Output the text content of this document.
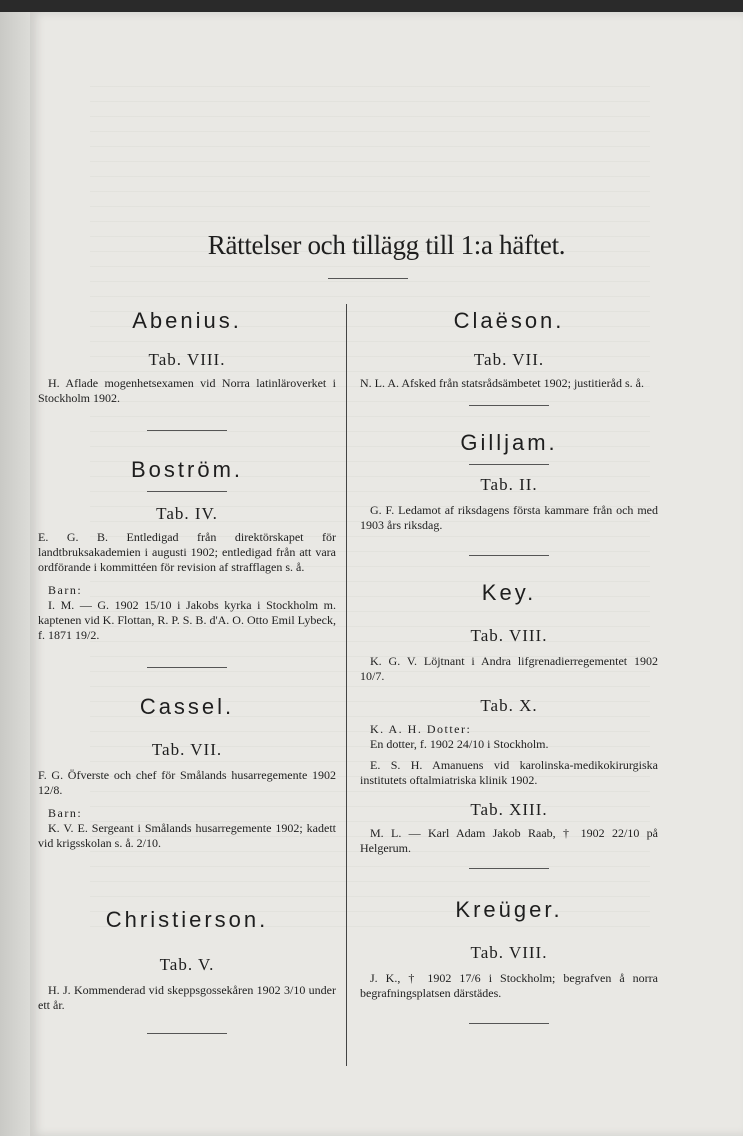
Rättelser och tillägg till 1:a häftet.

Abenius.

Tab. VIII.

H. Aflade mogenhetsexamen vid Norra latinläroverket i Stockholm 1902.

Boström.

Tab. IV.

E. G. B. Entledigad från direktörskapet för landtbruksakademien i augusti 1902; entledigad från att vara ordförande i kommittéen för revision af strafflagen s. å.

Barn:

I. M. — G. 1902 15/10 i Jakobs kyrka i Stockholm m. kaptenen vid K. Flottan, R. P. S. B. d'A. O. Otto Emil Lybeck, f. 1871 19/2.

Cassel.

Tab. VII.

F. G. Öfverste och chef för Smålands husarregemente 1902 12/8.

Barn:

K. V. E. Sergeant i Smålands husarregemente 1902; kadett vid krigsskolan s. å. 2/10.

Christierson.

Tab. V.

H. J. Kommenderad vid skeppsgossekåren 1902 3/10 under ett år.

Claëson.

Tab. VII.

N. L. A. Afsked från statsrådsämbetet 1902; justitieråd s. å.

Gilljam.

Tab. II.

G. F. Ledamot af riksdagens första kammare från och med 1903 års riksdag.

Key.

Tab. VIII.

K. G. V. Löjtnant i Andra lifgrenadierregementet 1902 10/7.

Tab. X.

K. A. H. Dotter:

En dotter, f. 1902 24/10 i Stockholm.

E. S. H. Amanuens vid karolinska-medikokirurgiska institutets oftalmiatriska klinik 1902.

Tab. XIII.

M. L. — Karl Adam Jakob Raab, † 1902 22/10 på Helgerum.

Kreüger.

Tab. VIII.

J. K., † 1902 17/6 i Stockholm; begrafven å norra begrafningsplatsen därstädes.
